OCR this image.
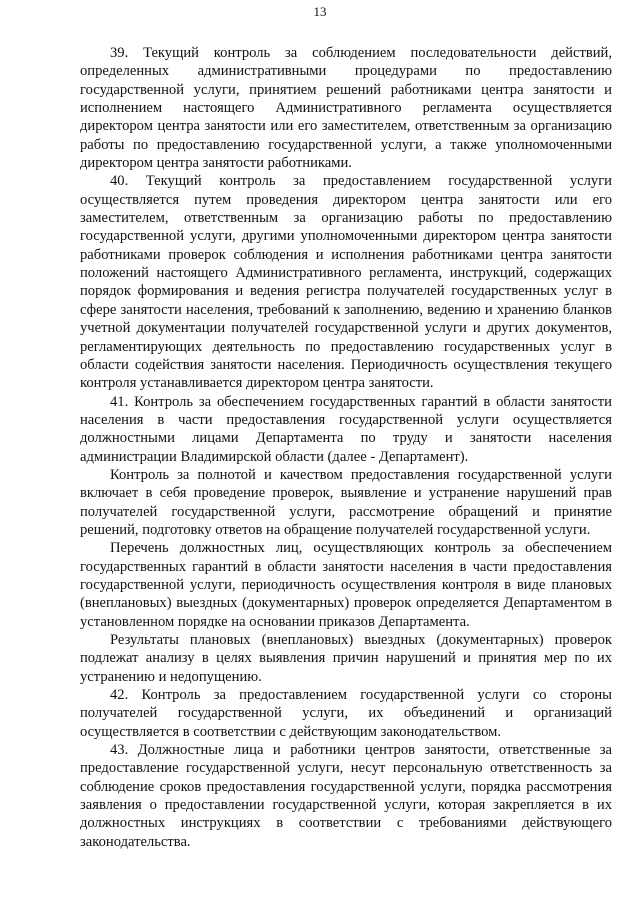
13

39. Текущий контроль за соблюдением последовательности действий, определенных административными процедурами по предоставлению государственной услуги, принятием решений работниками центра занятости и исполнением настоящего Административного регламента осуществляется директором центра занятости или его заместителем, ответственным за организацию работы по предоставлению государственной услуги, а также уполномоченными директором центра занятости работниками.

40. Текущий контроль за предоставлением государственной услуги осуществляется путем проведения директором центра занятости или его заместителем, ответственным за организацию работы по предоставлению государственной услуги, другими уполномоченными директором центра занятости работниками проверок соблюдения и исполнения работниками центра занятости положений настоящего Административного регламента, инструкций, содержащих порядок формирования и ведения регистра получателей государственных услуг в сфере занятости населения, требований к заполнению, ведению и хранению бланков учетной документации получателей государственной услуги и других документов, регламентирующих деятельность по предоставлению государственных услуг в области содействия занятости населения. Периодичность осуществления текущего контроля устанавливается директором центра занятости.

41. Контроль за обеспечением государственных гарантий в области занятости населения в части предоставления государственной услуги осуществляется должностными лицами Департамента по труду и занятости населения администрации Владимирской области (далее - Департамент).

Контроль за полнотой и качеством предоставления государственной услуги включает в себя проведение проверок, выявление и устранение нарушений прав получателей государственной услуги, рассмотрение обращений и принятие решений, подготовку ответов на обращение получателей государственной услуги.

Перечень должностных лиц, осуществляющих контроль за обеспечением государственных гарантий в области занятости населения в части предоставления государственной услуги, периодичность осуществления контроля в виде плановых (внеплановых) выездных (документарных) проверок определяется Департаментом в установленном порядке на основании приказов Департамента.

Результаты плановых (внеплановых) выездных (документарных) проверок подлежат анализу в целях выявления причин нарушений и принятия мер по их устранению и недопущению.

42. Контроль за предоставлением государственной услуги со стороны получателей государственной услуги, их объединений и организаций осуществляется в соответствии с действующим законодательством.

43. Должностные лица и работники центров занятости, ответственные за предоставление государственной услуги, несут персональную ответственность за соблюдение сроков предоставления государственной услуги, порядка рассмотрения заявления о предоставлении государственной услуги, которая закрепляется в их должностных инструкциях в соответствии с требованиями действующего законодательства.
